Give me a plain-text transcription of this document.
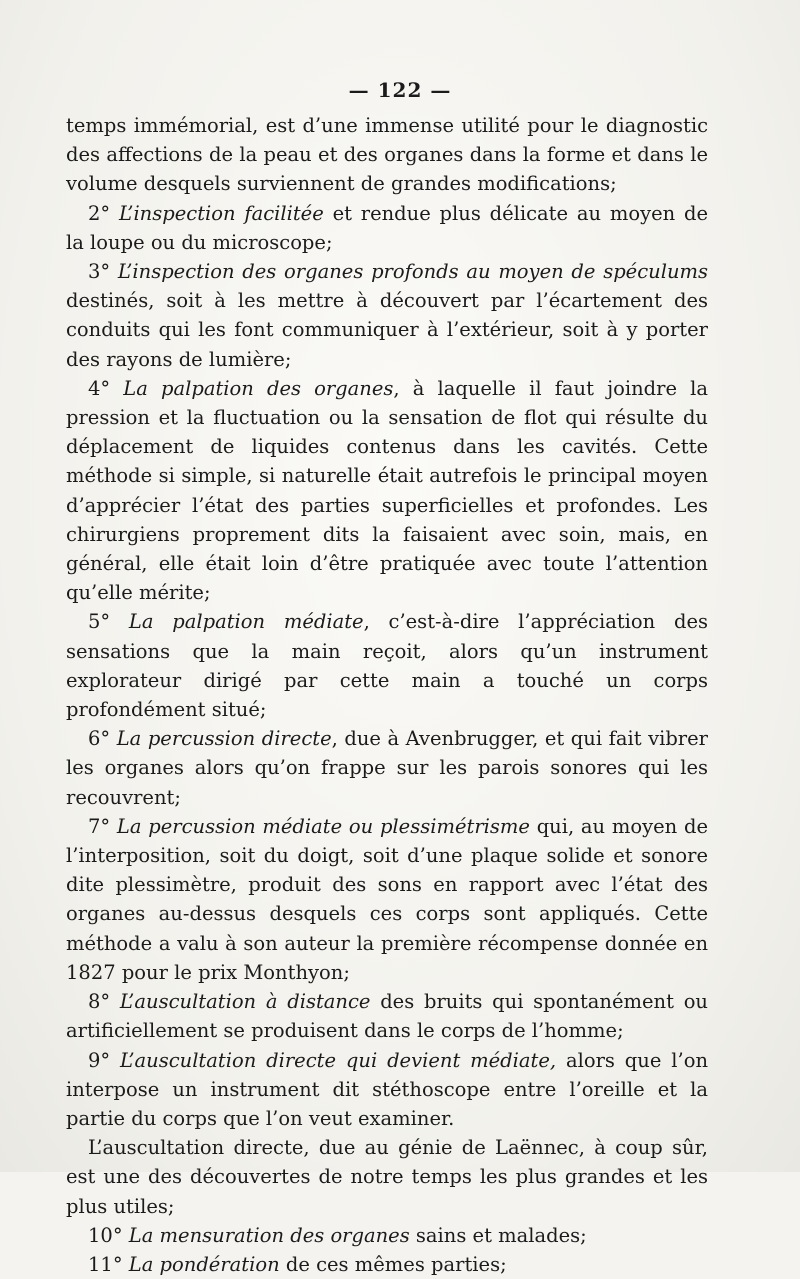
— 122 —

temps immémorial, est d’une immense utilité pour le diagnostic des affections de la peau et des organes dans la forme et dans le volume desquels surviennent de grandes modifications;

2° L’inspection facilitée et rendue plus délicate au moyen de la loupe ou du microscope;

3° L’inspection des organes profonds au moyen de spéculums destinés, soit à les mettre à découvert par l’écartement des conduits qui les font communiquer à l’extérieur, soit à y porter des rayons de lumière;

4° La palpation des organes, à laquelle il faut joindre la pression et la fluctuation ou la sensation de flot qui résulte du déplacement de liquides contenus dans les cavités. Cette méthode si simple, si naturelle était autrefois le principal moyen d’apprécier l’état des parties superficielles et profondes. Les chirurgiens proprement dits la faisaient avec soin, mais, en général, elle était loin d’être pratiquée avec toute l’attention qu’elle mérite;

5° La palpation médiate, c’est-à-dire l’appréciation des sensations que la main reçoit, alors qu’un instrument explorateur dirigé par cette main a touché un corps profondément situé;

6° La percussion directe, due à Avenbrugger, et qui fait vibrer les organes alors qu’on frappe sur les parois sonores qui les recouvrent;

7° La percussion médiate ou plessimétrisme qui, au moyen de l’interposition, soit du doigt, soit d’une plaque solide et sonore dite plessimètre, produit des sons en rapport avec l’état des organes au-dessus desquels ces corps sont appliqués. Cette méthode a valu à son auteur la première récompense donnée en 1827 pour le prix Monthyon;

8° L’auscultation à distance des bruits qui spontanément ou artificiellement se produisent dans le corps de l’homme;

9° L’auscultation directe qui devient médiate, alors que l’on interpose un instrument dit stéthoscope entre l’oreille et la partie du corps que l’on veut examiner.

L’auscultation directe, due au génie de Laënnec, à coup sûr, est une des découvertes de notre temps les plus grandes et les plus utiles;

10° La mensuration des organes sains et malades;

11° La pondération de ces mêmes parties;
